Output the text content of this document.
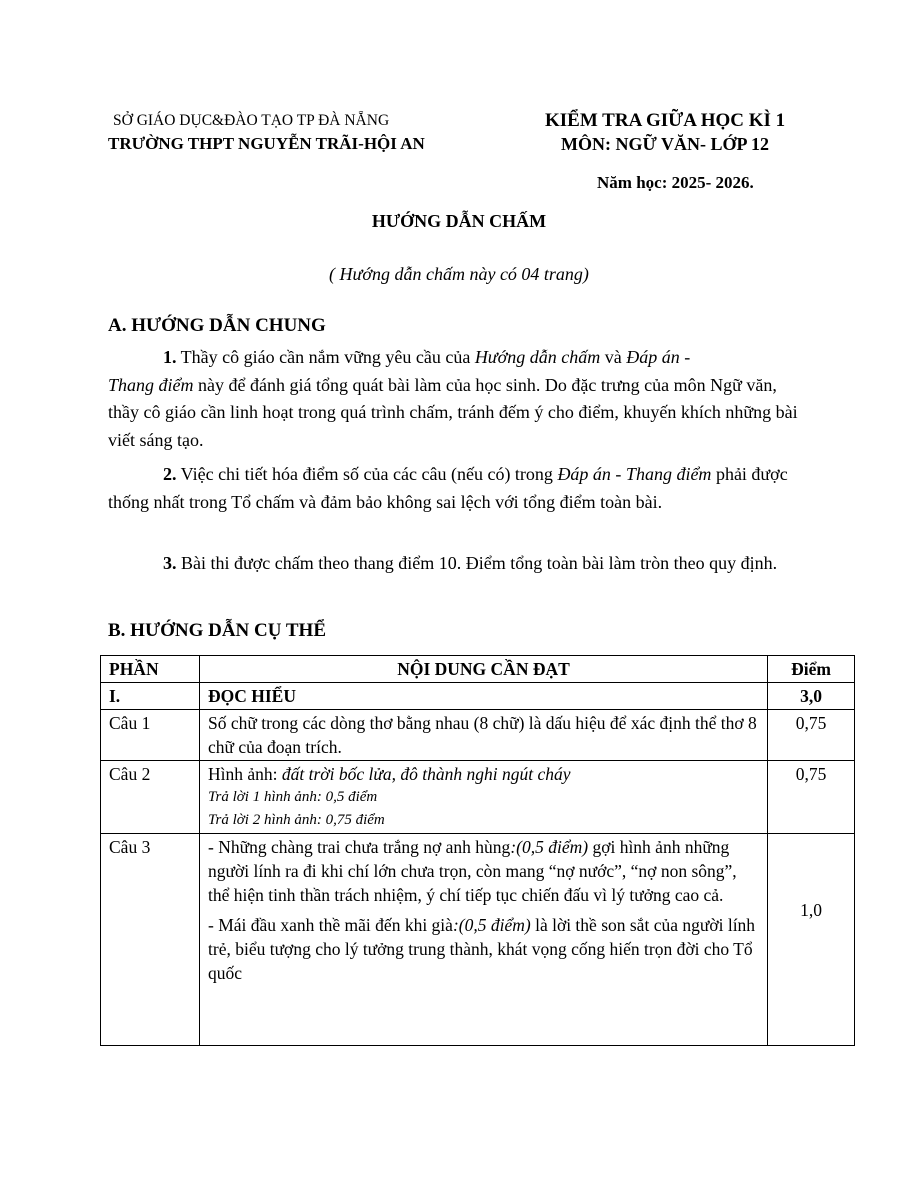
SỞ GIÁO DỤC&ĐÀO TẠO TP ĐÀ NẴNG
TRƯỜNG THPT NGUYỄN TRÃI-HỘI AN
KIỂM TRA GIỮA HỌC KÌ 1
MÔN: NGỮ VĂN- LỚP 12
Năm học: 2025- 2026.
HƯỚNG DẪN CHẤM
( Hướng dẫn chấm này có 04 trang)
A. HƯỚNG DẪN CHUNG
1. Thầy cô giáo cần nắm vững yêu cầu của Hướng dẫn chấm và Đáp án -
Thang điểm này để đánh giá tổng quát bài làm của học sinh. Do đặc trưng của môn Ngữ văn, thầy cô giáo cần linh hoạt trong quá trình chấm, tránh đếm ý cho điểm, khuyến khích những bài viết sáng tạo.
2. Việc chi tiết hóa điểm số của các câu (nếu có) trong Đáp án - Thang điểm phải được thống nhất trong Tổ chấm và đảm bảo không sai lệch với tổng điểm toàn bài.
3. Bài thi được chấm theo thang điểm 10. Điểm tổng toàn bài làm tròn theo quy định.
B. HƯỚNG DẪN CỤ THỂ
PHẦN	NỘI DUNG CẦN ĐẠT	Điểm
I.	ĐỌC HIỂU	3,0
Câu 1	Số chữ trong các dòng thơ bằng nhau (8 chữ) là dấu hiệu để xác định thể thơ 8 chữ của đoạn trích.	0,75
Câu 2	Hình ảnh: đất trời bốc lửa, đô thành nghi ngút cháy
Trả lời 1 hình ảnh: 0,5 điểm
Trả lời 2 hình ảnh: 0,75 điểm	0,75
Câu 3	- Những chàng trai chưa trắng nợ anh hùng:(0,5 điểm) gợi hình ảnh những người lính ra đi khi chí lớn chưa trọn, còn mang “nợ nước”, “nợ non sông”, thể hiện tinh thần trách nhiệm, ý chí tiếp tục chiến đấu vì lý tưởng cao cả.
- Mái đầu xanh thề mãi đến khi già:(0,5 điểm) là lời thề son sắt của người lính trẻ, biểu tượng cho lý tưởng trung thành, khát vọng cống hiến trọn đời cho Tổ quốc	1,0
